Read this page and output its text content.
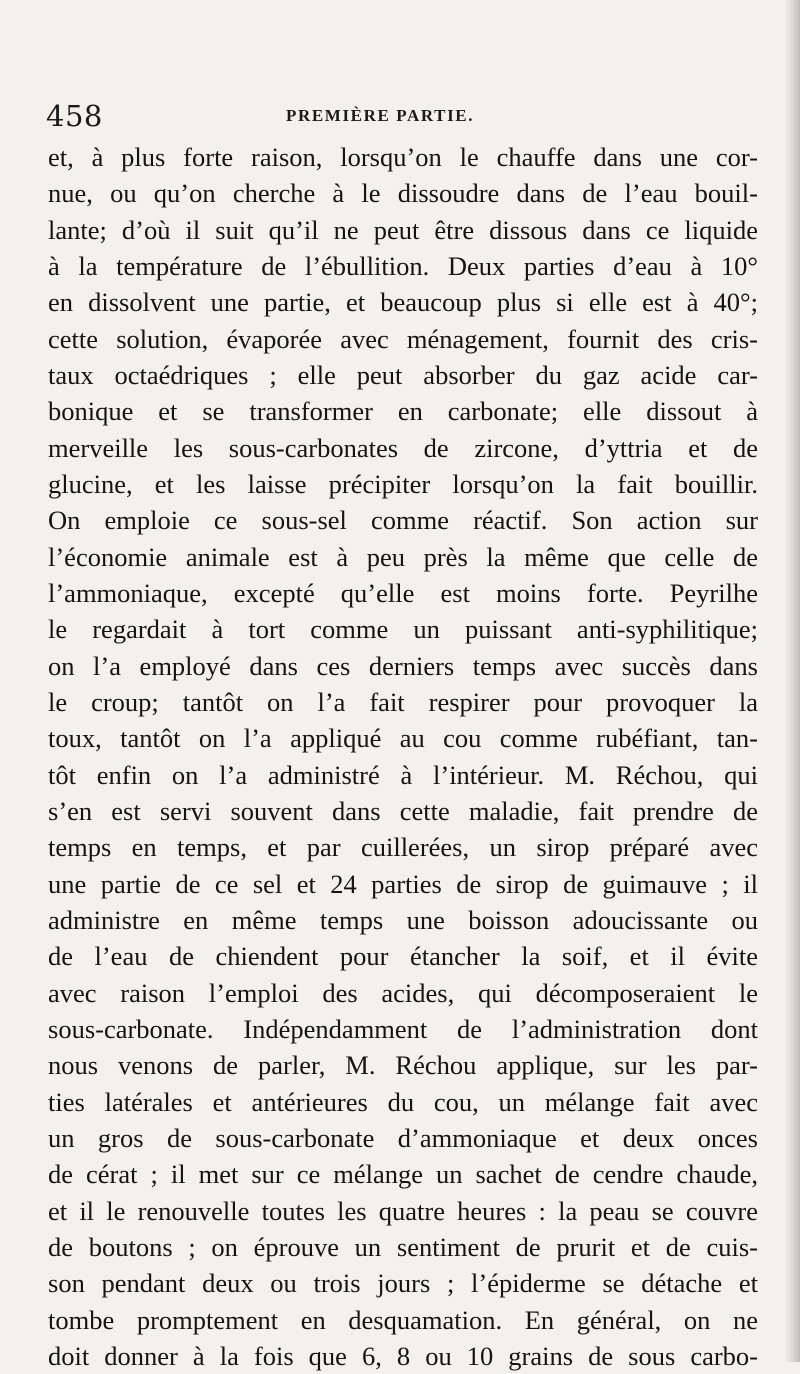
458	PREMIÈRE PARTIE.
et, à plus forte raison, lorsqu’on le chauffe dans une cor-
nue, ou qu’on cherche à le dissoudre dans de l’eau bouil-
lante; d’où il suit qu’il ne peut être dissous dans ce liquide
à la température de l’ébullition. Deux parties d’eau à 10°
en dissolvent une partie, et beaucoup plus si elle est à 40°;
cette solution, évaporée avec ménagement, fournit des cris-
taux octaédriques ; elle peut absorber du gaz acide car-
bonique et se transformer en carbonate; elle dissout à
merveille les sous-carbonates de zircone, d’yttria et de
glucine, et les laisse précipiter lorsqu’on la fait bouillir.
On emploie ce sous-sel comme réactif. Son action sur
l’économie animale est à peu près la même que celle de
l’ammoniaque, excepté qu’elle est moins forte. Peyrilhe
le regardait à tort comme un puissant anti-syphilitique;
on l’a employé dans ces derniers temps avec succès dans
le croup; tantôt on l’a fait respirer pour provoquer la
toux, tantôt on l’a appliqué au cou comme rubéfiant, tan-
tôt enfin on l’a administré à l’intérieur. M. Réchou, qui
s’en est servi souvent dans cette maladie, fait prendre de
temps en temps, et par cuillerées, un sirop préparé avec
une partie de ce sel et 24 parties de sirop de guimauve ; il
administre en même temps une boisson adoucissante ou
de l’eau de chiendent pour étancher la soif, et il évite
avec raison l’emploi des acides, qui décomposeraient le
sous-carbonate. Indépendamment de l’administration dont
nous venons de parler, M. Réchou applique, sur les par-
ties latérales et antérieures du cou, un mélange fait avec
un gros de sous-carbonate d’ammoniaque et deux onces
de cérat ; il met sur ce mélange un sachet de cendre chaude,
et il le renouvelle toutes les quatre heures : la peau se couvre
de boutons ; on éprouve un sentiment de prurit et de cuis-
son pendant deux ou trois jours ; l’épiderme se détache et
tombe promptement en desquamation. En général, on ne
doit donner à la fois que 6, 8 ou 10 grains de sous carbo-
